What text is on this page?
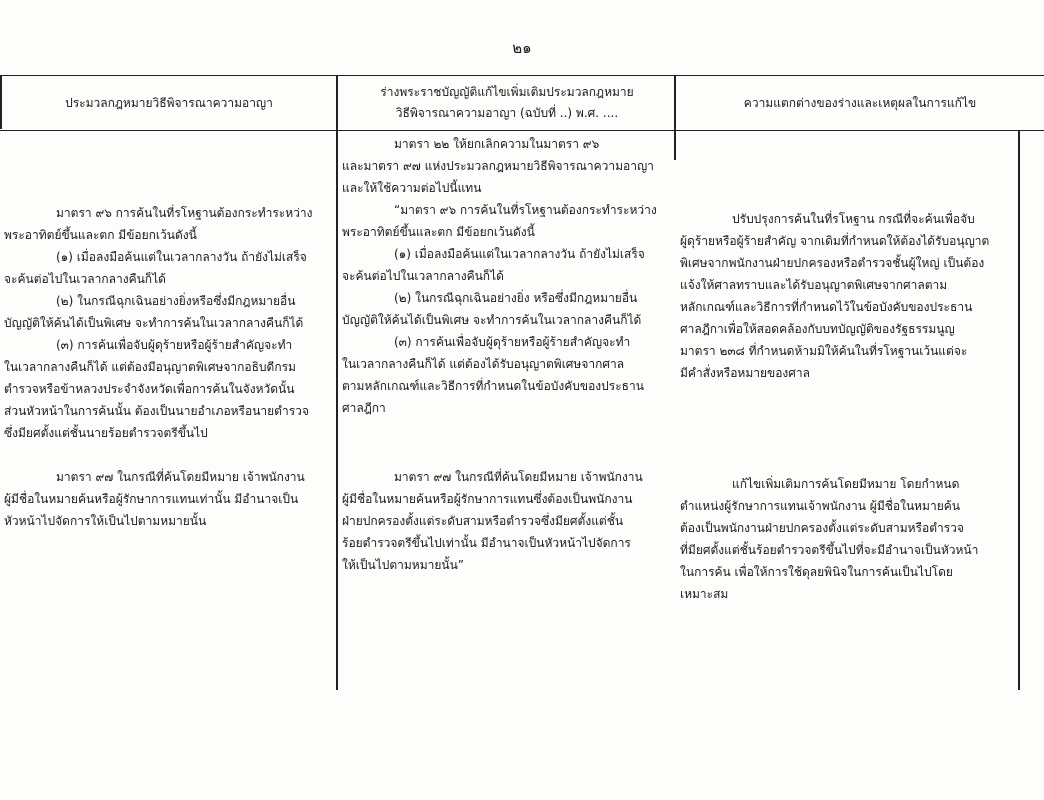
๒๑
ประมวลกฎหมายวิธีพิจารณาความอาญา
ร่างพระราชบัญญัติแก้ไขเพิ่มเติมประมวลกฎหมาย
วิธีพิจารณาความอาญา (ฉบับที่ ..) พ.ศ. ....
ความแตกต่างของร่างและเหตุผลในการแก้ไข

มาตรา ๙๖ การค้นในที่รโหฐานต้องกระทำระหว่าง

พระอาทิตย์ขึ้นและตก มีข้อยกเว้นดังนี้

(๑) เมื่อลงมือค้นแต่ในเวลากลางวัน ถ้ายังไม่เสร็จ

จะค้นต่อไปในเวลากลางคืนก็ได้

(๒) ในกรณีฉุกเฉินอย่างยิ่งหรือซึ่งมีกฎหมายอื่น

บัญญัติให้ค้นได้เป็นพิเศษ จะทำการค้นในเวลากลางคืนก็ได้

(๓) การค้นเพื่อจับผู้ดุร้ายหรือผู้ร้ายสำคัญจะทำ

ในเวลากลางคืนก็ได้ แต่ต้องมีอนุญาตพิเศษจากอธิบดีกรม

ตำรวจหรือข้าหลวงประจำจังหวัดเพื่อการค้นในจังหวัดนั้น

ส่วนหัวหน้าในการค้นนั้น ต้องเป็นนายอำเภอหรือนายตำรวจ

ซึ่งมียศตั้งแต่ชั้นนายร้อยตำรวจตรีขึ้นไป

มาตรา ๙๗ ในกรณีที่ค้นโดยมีหมาย เจ้าพนักงาน

ผู้มีชื่อในหมายค้นหรือผู้รักษาการแทนเท่านั้น มีอำนาจเป็น

หัวหน้าไปจัดการให้เป็นไปตามหมายนั้น

มาตรา ๒๒ ให้ยกเลิกความในมาตรา ๙๖

และมาตรา ๙๗ แห่งประมวลกฎหมายวิธีพิจารณาความอาญา

และให้ใช้ความต่อไปนี้แทน

“มาตรา ๙๖ การค้นในที่รโหฐานต้องกระทำระหว่าง

พระอาทิตย์ขึ้นและตก มีข้อยกเว้นดังนี้

(๑) เมื่อลงมือค้นแต่ในเวลากลางวัน ถ้ายังไม่เสร็จ

จะค้นต่อไปในเวลากลางคืนก็ได้

(๒) ในกรณีฉุกเฉินอย่างยิ่ง หรือซึ่งมีกฎหมายอื่น

บัญญัติให้ค้นได้เป็นพิเศษ จะทำการค้นในเวลากลางคืนก็ได้

(๓) การค้นเพื่อจับผู้ดุร้ายหรือผู้ร้ายสำคัญจะทำ

ในเวลากลางคืนก็ได้ แต่ต้องได้รับอนุญาตพิเศษจากศาล

ตามหลักเกณฑ์และวิธีการที่กำหนดในข้อบังคับของประธาน

ศาลฎีกา

มาตรา ๙๗ ในกรณีที่ค้นโดยมีหมาย เจ้าพนักงาน

ผู้มีชื่อในหมายค้นหรือผู้รักษาการแทนซึ่งต้องเป็นพนักงาน

ฝ่ายปกครองตั้งแต่ระดับสามหรือตำรวจซึ่งมียศตั้งแต่ชั้น

ร้อยตำรวจตรีขึ้นไปเท่านั้น มีอำนาจเป็นหัวหน้าไปจัดการ

ให้เป็นไปตามหมายนั้น”

ปรับปรุงการค้นในที่รโหฐาน กรณีที่จะค้นเพื่อจับ

ผู้ดุร้ายหรือผู้ร้ายสำคัญ จากเดิมที่กำหนดให้ต้องได้รับอนุญาต

พิเศษจากพนักงานฝ่ายปกครองหรือตำรวจชั้นผู้ใหญ่ เป็นต้อง

แจ้งให้ศาลทราบและได้รับอนุญาตพิเศษจากศาลตาม

หลักเกณฑ์และวิธีการที่กำหนดไว้ในข้อบังคับของประธาน

ศาลฎีกาเพื่อให้สอดคล้องกับบทบัญญัติของรัฐธรรมนูญ

มาตรา ๒๓๘ ที่กำหนดห้ามมิให้ค้นในที่รโหฐานเว้นแต่จะ

มีคำสั่งหรือหมายของศาล

แก้ไขเพิ่มเติมการค้นโดยมีหมาย โดยกำหนด

ตำแหน่งผู้รักษาการแทนเจ้าพนักงาน ผู้มีชื่อในหมายค้น

ต้องเป็นพนักงานฝ่ายปกครองตั้งแต่ระดับสามหรือตำรวจ

ที่มียศตั้งแต่ชั้นร้อยตำรวจตรีขึ้นไปที่จะมีอำนาจเป็นหัวหน้า

ในการค้น เพื่อให้การใช้ดุลยพินิจในการค้นเป็นไปโดย

เหมาะสม
